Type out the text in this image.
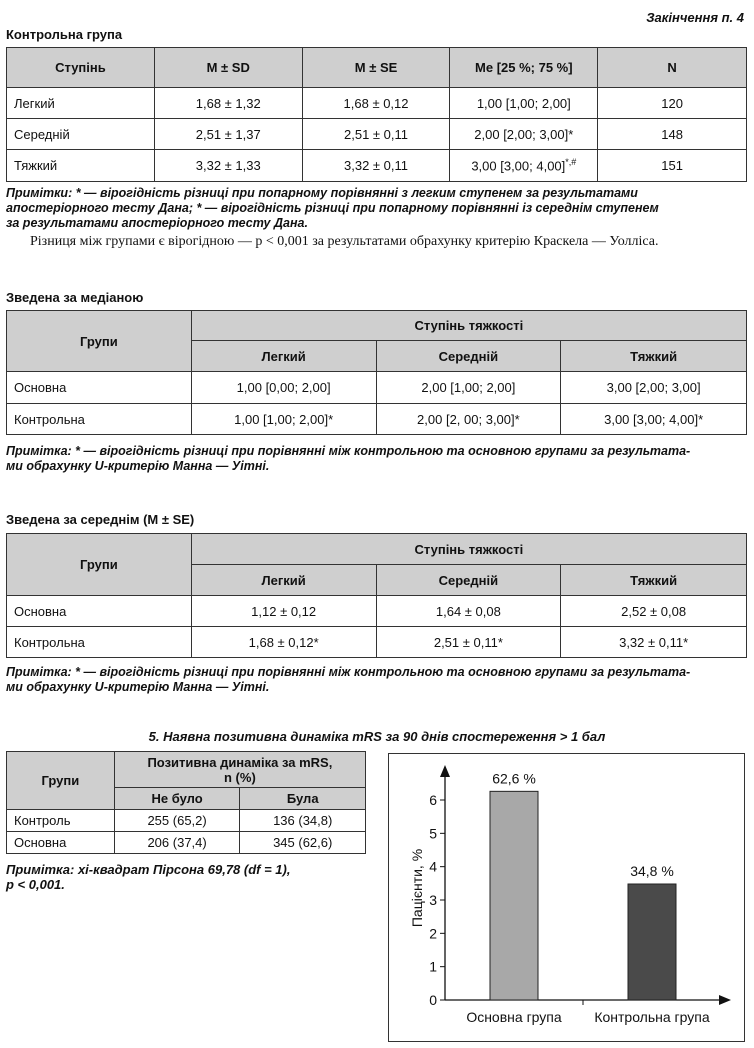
Закінчення п. 4
Контрольна група
Ступінь	M ± SD	M ± SE	Me [25 %; 75 %]	N
Легкий	1,68 ± 1,32	1,68 ± 0,12	1,00 [1,00; 2,00]	120
Середній	2,51 ± 1,37	2,51 ± 0,11	2,00 [2,00; 3,00]*	148
Тяжкий	3,32 ± 1,33	3,32 ± 0,11	3,00 [3,00; 4,00]*,#	151
Примітки: * — вірогідність різниці при попарному порівнянні з легким ступенем за результатами
апостеріорного тесту Дана; * — вірогідність різниці при попарному порівнянні із середнім ступенем
за результатами апостеріорного тесту Дана.
Різниця між групами є вірогідною — p < 0,001 за результатами обрахунку критерію Краскела — Уолліса.
Зведена за медіаною
Групи	Ступінь тяжкості		
	Легкий	Середній	Тяжкий
Основна	1,00 [0,00; 2,00]	2,00 [1,00; 2,00]	3,00 [2,00; 3,00]
Контрольна	1,00 [1,00; 2,00]*	2,00 [2, 00; 3,00]*	3,00 [3,00; 4,00]*
Примітка: * — вірогідність різниці при порівнянні між контрольною та основною групами за результата-
ми обрахунку U-критерію Манна — Уітні.
Зведена за середнім (M ± SE)
Групи	Ступінь тяжкості		
	Легкий	Середній	Тяжкий
Основна	1,12 ± 0,12	1,64 ± 0,08	2,52 ± 0,08
Контрольна	1,68 ± 0,12*	2,51 ± 0,11*	3,32 ± 0,11*
Примітка: * — вірогідність різниці при порівнянні між контрольною та основною групами за результата-
ми обрахунку U-критерію Манна — Уітні.
5. Наявна позитивна динаміка mRS за 90 днів спостереження > 1 бал
Групи	Позитивна динаміка за mRS,
n (%)	

	Не було	Була
Контроль	255 (65,2)	136 (34,8)
Основна	206 (37,4)	345 (62,6)
Примітка: хі-квадрат Пірсона 69,78 (df = 1),
p < 0,001.
0
1
2
3
4
5
6
62,6 %
Основна група
34,8 %
Контрольна група
Пацієнти, %
